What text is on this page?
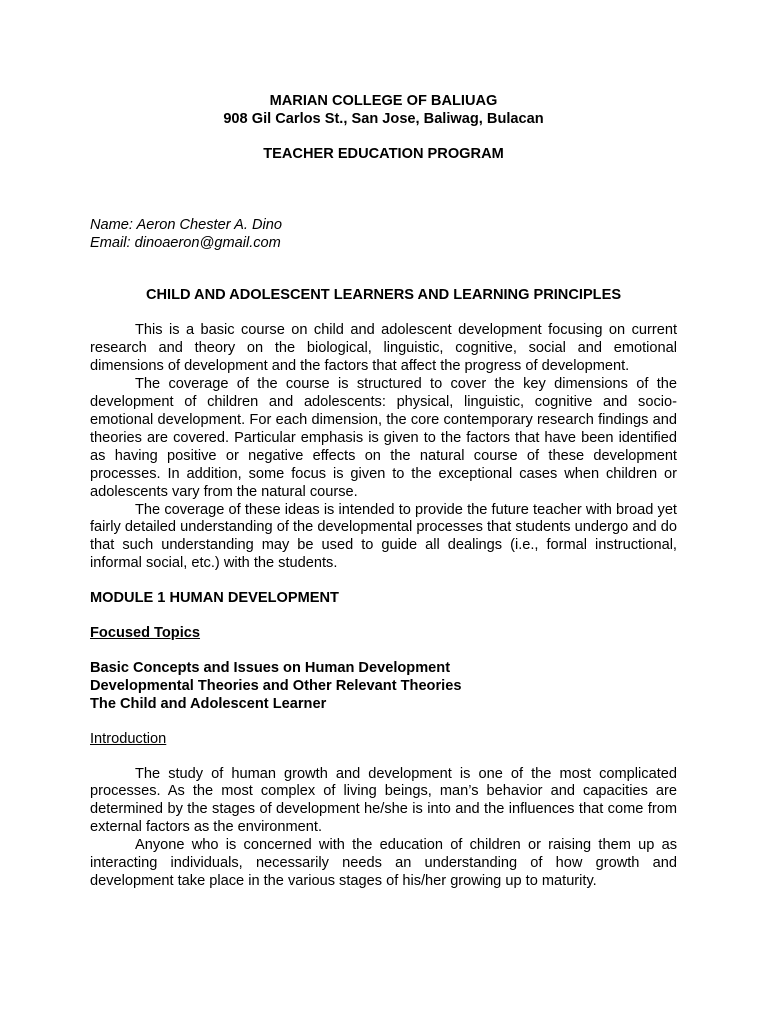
MARIAN COLLEGE OF BALIUAG
908 Gil Carlos St., San Jose, Baliwag, Bulacan
TEACHER EDUCATION PROGRAM
Name: Aeron Chester A. Dino
Email: dinoaeron@gmail.com
CHILD AND ADOLESCENT LEARNERS AND LEARNING PRINCIPLES

This is a basic course on child and adolescent development focusing on current research and theory on the biological, linguistic, cognitive, social and emotional dimensions of development and the factors that affect the progress of development.

The coverage of the course is structured to cover the key dimensions of the development of children and adolescents: physical, linguistic, cognitive and socio-emotional development. For each dimension, the core contemporary research findings and theories are covered. Particular emphasis is given to the factors that have been identified as having positive or negative effects on the natural course of these development processes. In addition, some focus is given to the exceptional cases when children or adolescents vary from the natural course.

The coverage of these ideas is intended to provide the future teacher with broad yet fairly detailed understanding of the developmental processes that students undergo and do that such understanding may be used to guide all dealings (i.e., formal instructional, informal social, etc.) with the students.

MODULE 1 HUMAN DEVELOPMENT
Focused Topics
Basic Concepts and Issues on Human Development
Developmental Theories and Other Relevant Theories
The Child and Adolescent Learner
Introduction

The study of human growth and development is one of the most complicated processes. As the most complex of living beings, man’s behavior and capacities are determined by the stages of development he/she is into and the influences that come from external factors as the environment.

Anyone who is concerned with the education of children or raising them up as interacting individuals, necessarily needs an understanding of how growth and development take place in the various stages of his/her growing up to maturity.
